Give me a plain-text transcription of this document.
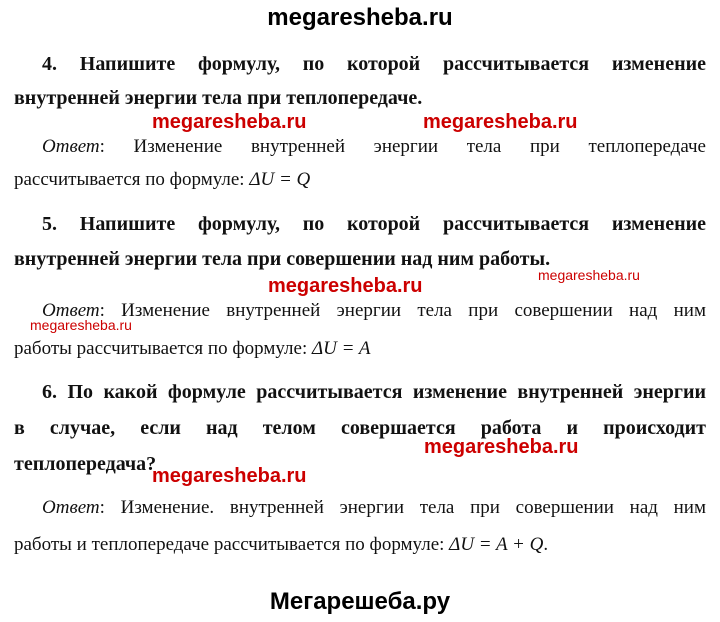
megaresheba.ru
4. Напишите формулу, по которой рассчитывается изменение
внутренней энергии тела при теплопередаче.
megaresheba.ru	megaresheba.ru
Ответ: Изменение внутренней энергии тела при теплопередаче
рассчитывается по формуле: ΔU = Q
5. Напишите формулу, по которой рассчитывается изменение
внутренней энергии тела при совершении над ним работы.
megaresheba.ru
megaresheba.ru
Ответ: Изменение внутренней энергии тела при совершении над ним
megaresheba.ru
работы рассчитывается по формуле: ΔU = A
6. По какой формуле рассчитывается изменение внутренней энергии
в случае, если над телом совершается работа и происходит
megaresheba.ru
теплопередача?
megaresheba.ru
Ответ: Изменение. внутренней энергии тела при совершении над ним
работы и теплопередаче рассчитывается по формуле: ΔU = A + Q.
Мегарешеба.ру
